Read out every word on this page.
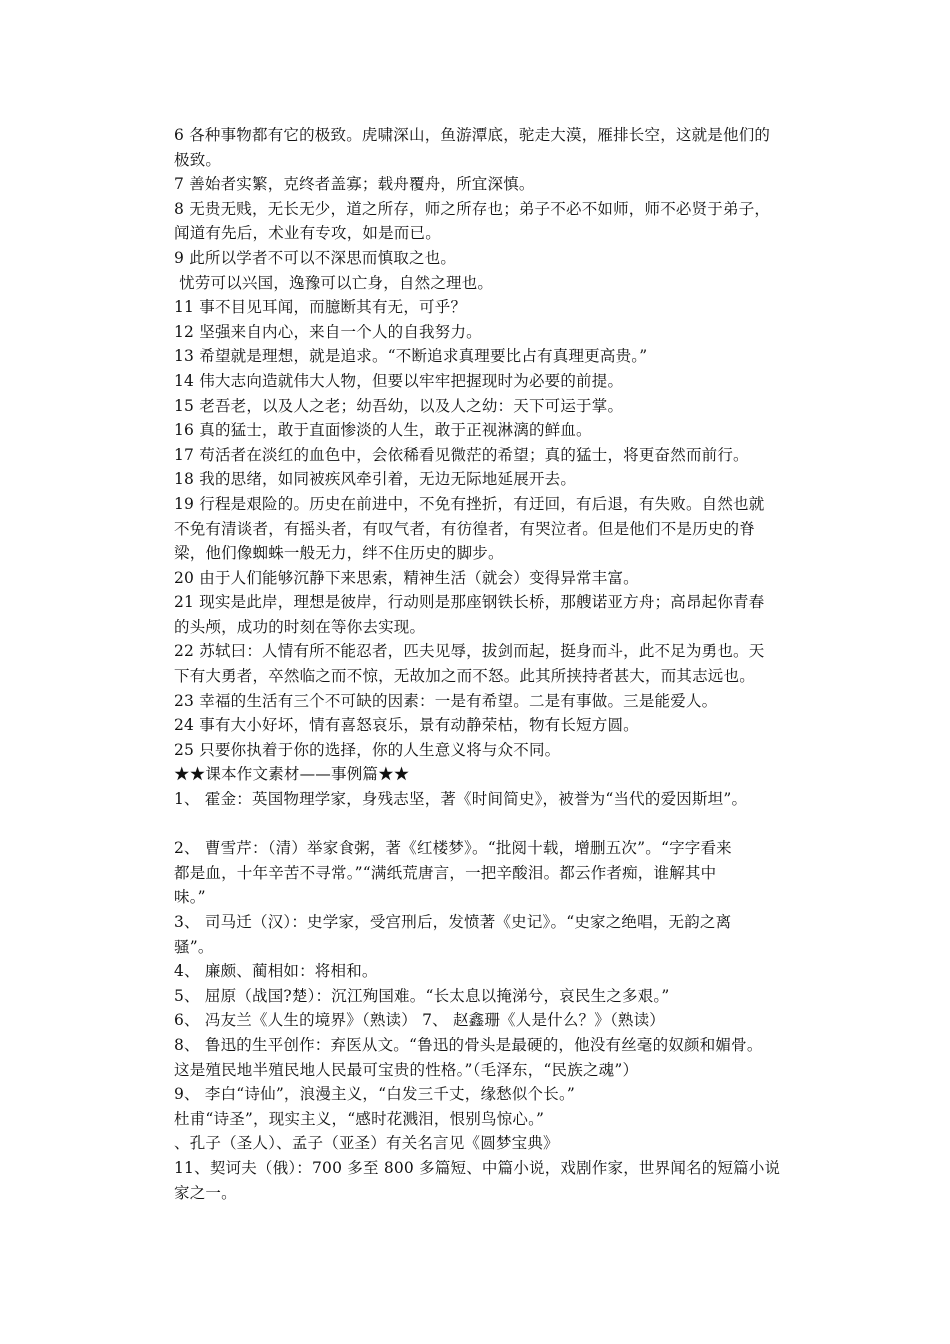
6 各种事物都有它的极致。虎啸深山，鱼游潭底，驼走大漠，雁排长空，这就是他们的
极致。
7 善始者实繁，克终者盖寡；载舟覆舟，所宜深慎。
8 无贵无贱，无长无少，道之所存，师之所存也；弟子不必不如师，师不必贤于弟子，
闻道有先后，术业有专攻，如是而已。
9 此所以学者不可以不深思而慎取之也。
忧劳可以兴国，逸豫可以亡身，自然之理也。
11 事不目见耳闻，而臆断其有无，可乎？
12 坚强来自内心，来自一个人的自我努力。
13 希望就是理想，就是追求。“不断追求真理要比占有真理更高贵。”
14 伟大志向造就伟大人物，但要以牢牢把握现时为必要的前提。
15 老吾老，以及人之老；幼吾幼，以及人之幼：天下可运于掌。
16 真的猛士，敢于直面惨淡的人生，敢于正视淋漓的鲜血。
17 苟活者在淡红的血色中，会依稀看见微茫的希望；真的猛士，将更奋然而前行。
18 我的思绪，如同被疾风牵引着，无边无际地延展开去。
19 行程是艰险的。历史在前进中，不免有挫折，有迂回，有后退，有失败。自然也就
不免有清谈者，有摇头者，有叹气者，有彷徨者，有哭泣者。但是他们不是历史的脊
梁，他们像蜘蛛一般无力，绊不住历史的脚步。
20 由于人们能够沉静下来思索，精神生活（就会）变得异常丰富。
21 现实是此岸，理想是彼岸，行动则是那座钢铁长桥，那艘诺亚方舟；高昂起你青春
的头颅，成功的时刻在等你去实现。
22 苏轼曰：人情有所不能忍者，匹夫见辱，拔剑而起，挺身而斗，此不足为勇也。天
下有大勇者，卒然临之而不惊，无故加之而不怒。此其所挟持者甚大，而其志远也。
23 幸福的生活有三个不可缺的因素：一是有希望。二是有事做。三是能爱人。
24 事有大小好坏，情有喜怒哀乐，景有动静荣枯，物有长短方圆。
25 只要你执着于你的选择，你的人生意义将与众不同。
★★课本作文素材——事例篇★★
1、 霍金：英国物理学家，身残志坚，著《时间简史》，被誉为“当代的爱因斯坦”。
2、 曹雪芹：（清）举家食粥，著《红楼梦》。“批阅十载，增删五次”。“字字看来
都是血，十年辛苦不寻常。”“满纸荒唐言，一把辛酸泪。都云作者痴，谁解其中
味。”
3、 司马迁（汉）：史学家，受宫刑后，发愤著《史记》。“史家之绝唱，无韵之离
骚”。
4、 廉颇、蔺相如：将相和。
5、 屈原（战国?楚）：沉江殉国难。“长太息以掩涕兮，哀民生之多艰。”
6、 冯友兰《人生的境界》（熟读） 7、 赵鑫珊《人是什么？》（熟读）
8、 鲁迅的生平创作：弃医从文。“鲁迅的骨头是最硬的，他没有丝毫的奴颜和媚骨。
这是殖民地半殖民地人民最可宝贵的性格。”（毛泽东，“民族之魂”）
9、 李白“诗仙”，浪漫主义，“白发三千丈，缘愁似个长。”
杜甫“诗圣”，现实主义，“感时花溅泪，恨别鸟惊心。”
、孔子（圣人）、孟子（亚圣）有关名言见《圆梦宝典》
11、契诃夫（俄）：700 多至 800 多篇短、中篇小说，戏剧作家，世界闻名的短篇小说
家之一。
